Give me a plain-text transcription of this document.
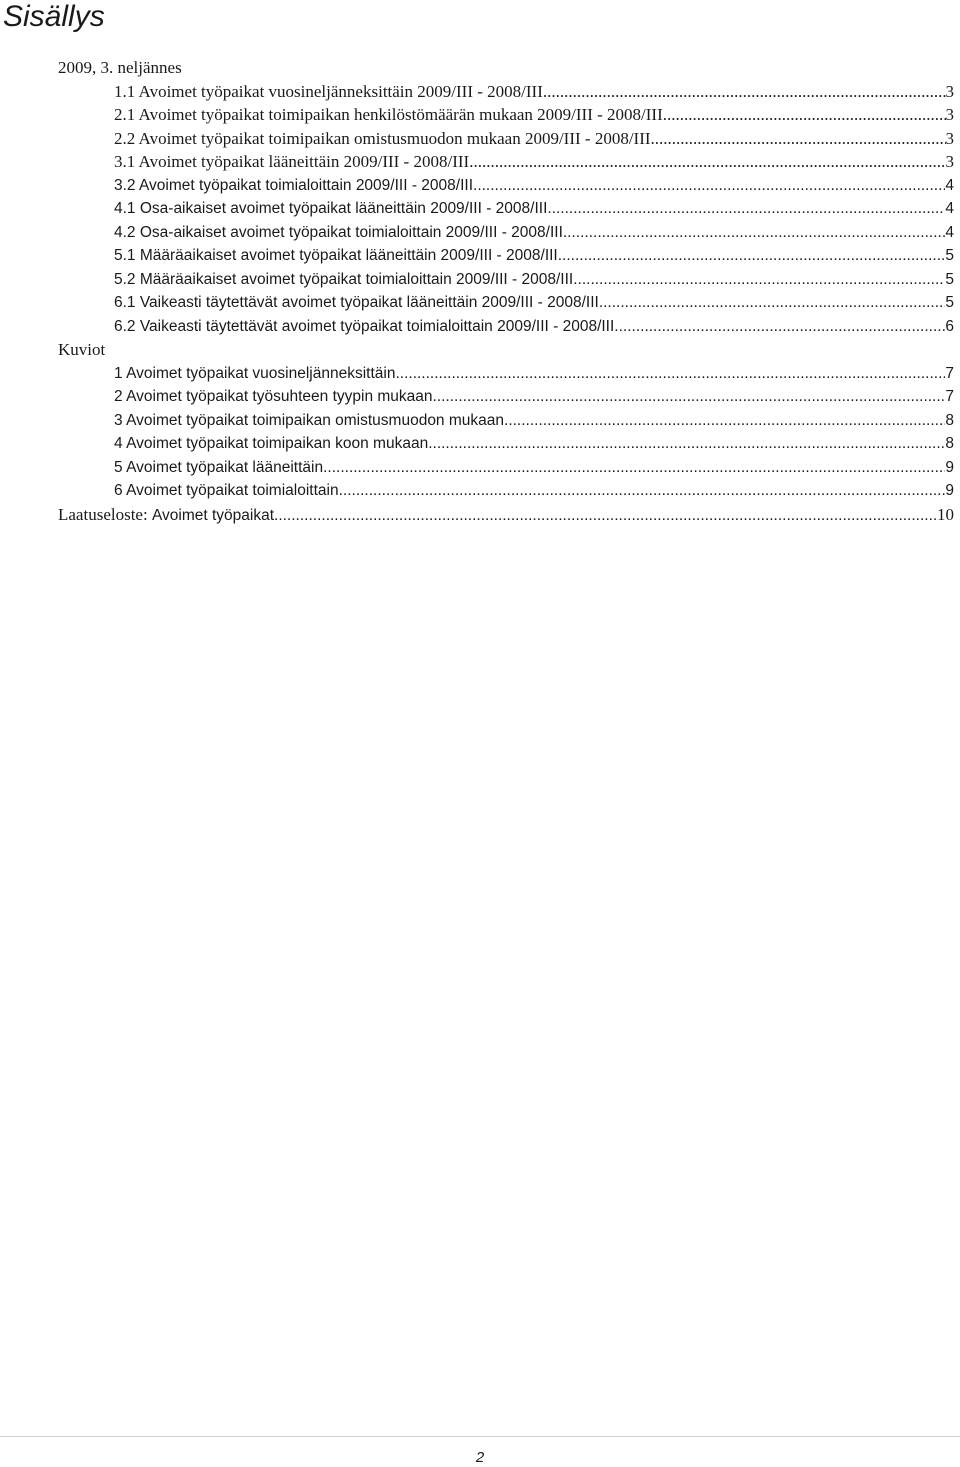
Sisällys
2009, 3. neljännes
1.1 Avoimet työpaikat vuosineljänneksittäin 2009/III - 2008/III .....	3
2.1 Avoimet työpaikat toimipaikan henkilöstömäärän mukaan 2009/III - 2008/III .....	3
2.2 Avoimet työpaikat toimipaikan omistusmuodon mukaan 2009/III - 2008/III .....	3
3.1 Avoimet työpaikat lääneittäin 2009/III - 2008/III .....	3
3.2 Avoimet työpaikat toimialoittain 2009/III - 2008/III .....	4
4.1 Osa-aikaiset avoimet työpaikat lääneittäin 2009/III - 2008/III .....	4
4.2 Osa-aikaiset avoimet työpaikat toimialoittain 2009/III - 2008/III .....	4
5.1 Määräaikaiset avoimet työpaikat lääneittäin 2009/III - 2008/III .....	5
5.2 Määräaikaiset avoimet työpaikat toimialoittain 2009/III - 2008/III .....	5
6.1 Vaikeasti täytettävät avoimet työpaikat lääneittäin 2009/III - 2008/III .....	5
6.2 Vaikeasti täytettävät avoimet työpaikat toimialoittain 2009/III - 2008/III .....	6
Kuviot
1 Avoimet työpaikat vuosineljänneksittäin .....	7
2 Avoimet työpaikat työsuhteen tyypin mukaan .....	7
3 Avoimet työpaikat toimipaikan omistusmuodon mukaan .....	8
4 Avoimet työpaikat toimipaikan koon mukaan .....	8
5 Avoimet työpaikat lääneittäin .....	9
6 Avoimet työpaikat toimialoittain .....	9
Laatuseloste: Avoimet työpaikat .....	10
2
